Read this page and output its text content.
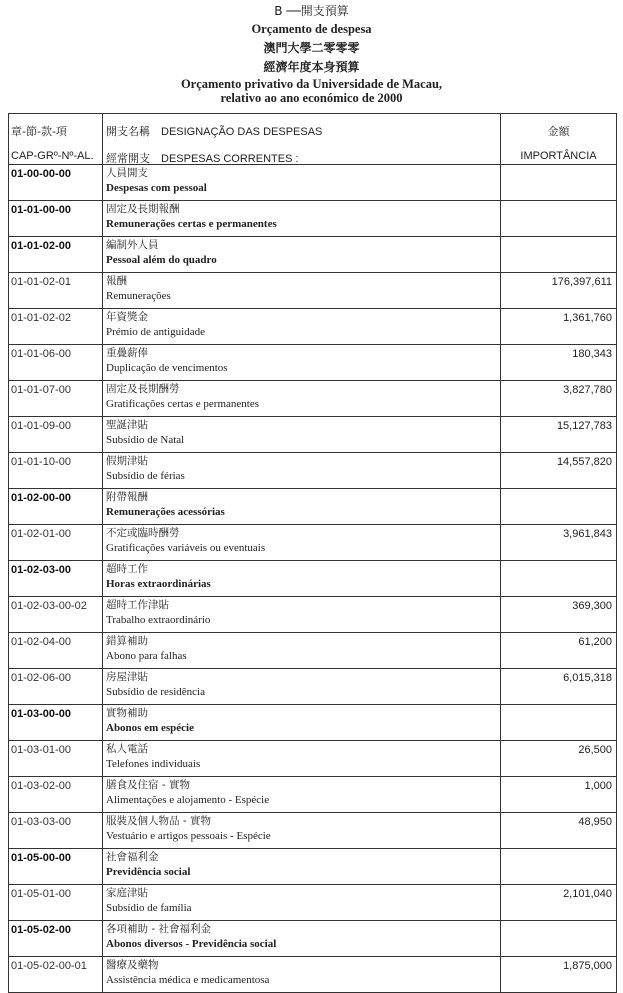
B ──開支預算
Orçamento de despesa
澳門大學二零零零
經濟年度本身預算
Orçamento privativo da Universidade de Macau,
relativo ao ano económico de 2000
章-節-款-項
CAP-GRº-Nº-AL.	開支名稱　DESIGNAÇÃO DAS DESPESAS
經常開支　DESPESAS CORRENTES :	金額
IMPORTÂNCIA

01-00-00-00	人員開支
Despesas com pessoal	

01-01-00-00	固定及長期報酬
Remunerações certas e permanentes	

01-01-02-00	編制外人員
Pessoal além do quadro	

01-01-02-01	報酬
Remunerações	176,397,611
01-01-02-02	年資獎金
Prémio de antiguidade	1,361,760
01-01-06-00	重疊薪俸
Duplicação de vencimentos	180,343
01-01-07-00	固定及長期酬勞
Gratificações certas e permanentes	3,827,780
01-01-09-00	聖誕津貼
Subsídio de Natal	15,127,783
01-01-10-00	假期津貼
Subsídio de férias	14,557,820
01-02-00-00	附帶報酬
Remunerações acessórias	

01-02-01-00	不定或臨時酬勞
Gratificações variáveis ou eventuais	3,961,843
01-02-03-00	超時工作
Horas extraordinárias	

01-02-03-00-02	超時工作津貼
Trabalho extraordinário	369,300
01-02-04-00	錯算補助
Abono para falhas	61,200
01-02-06-00	房屋津貼
Subsídio de residência	6,015,318
01-03-00-00	實物補助
Abonos em espécie	

01-03-01-00	私人電話
Telefones individuais	26,500
01-03-02-00	膳食及住宿 - 實物
Alimentações e alojamento - Espécie	1,000
01-03-03-00	服裝及個人物品 - 實物
Vestuário e artigos pessoais - Espécie	48,950
01-05-00-00	社會福利金
Previdência social	

01-05-01-00	家庭津貼
Subsídio de família	2,101,040
01-05-02-00	各項補助 - 社會福利金
Abonos diversos - Previdência social	

01-05-02-00-01	醫療及藥物
Assistência médica e medicamentosa	1,875,000
